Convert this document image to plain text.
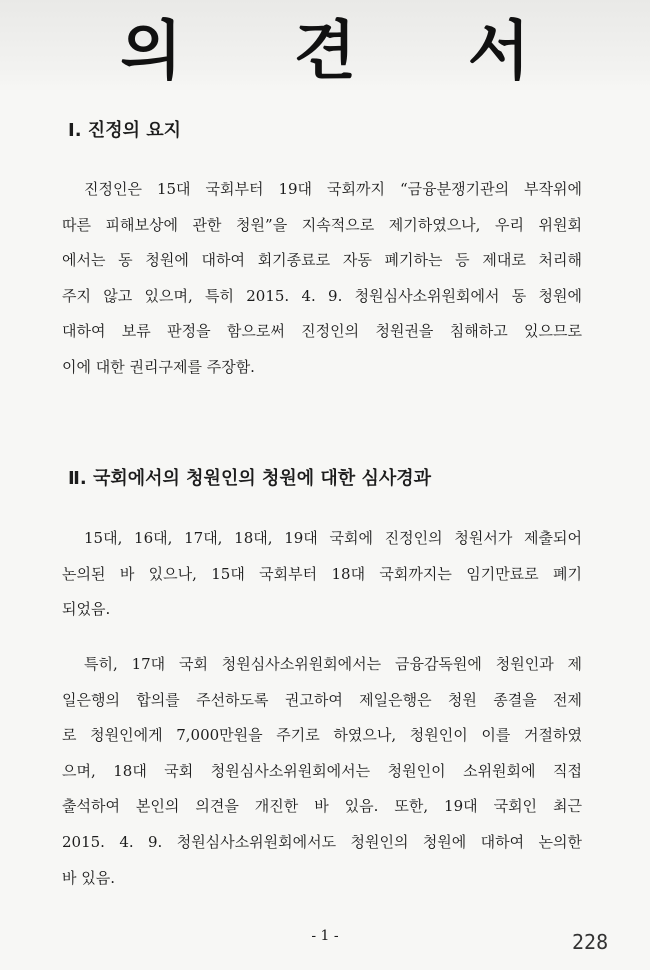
의 견 서
Ⅰ. 진정의 요지
진정인은 15대 국회부터 19대 국회까지 “금융분쟁기관의 부작위에
따른 피해보상에 관한 청원”을 지속적으로 제기하였으나, 우리 위원회
에서는 동 청원에 대하여 회기종료로 자동 폐기하는 등 제대로 처리해
주지 않고 있으며, 특히 2015. 4. 9. 청원심사소위원회에서 동 청원에
대하여 보류 판정을 함으로써 진정인의 청원권을 침해하고 있으므로
이에 대한 권리구제를 주장함.
Ⅱ. 국회에서의 청원인의 청원에 대한 심사경과
15대, 16대, 17대, 18대, 19대 국회에 진정인의 청원서가 제출되어
논의된 바 있으나, 15대 국회부터 18대 국회까지는 임기만료로 폐기
되었음.
특히, 17대 국회 청원심사소위원회에서는 금융감독원에 청원인과 제
일은행의 합의를 주선하도록 권고하여 제일은행은 청원 종결을 전제
로 청원인에게 7,000만원을 주기로 하였으나, 청원인이 이를 거절하였
으며, 18대 국회 청원심사소위원회에서는 청원인이 소위원회에 직접
출석하여 본인의 의견을 개진한 바 있음. 또한, 19대 국회인 최근
2015. 4. 9. 청원심사소위원회에서도 청원인의 청원에 대하여 논의한
바 있음.
- 1 -	228
